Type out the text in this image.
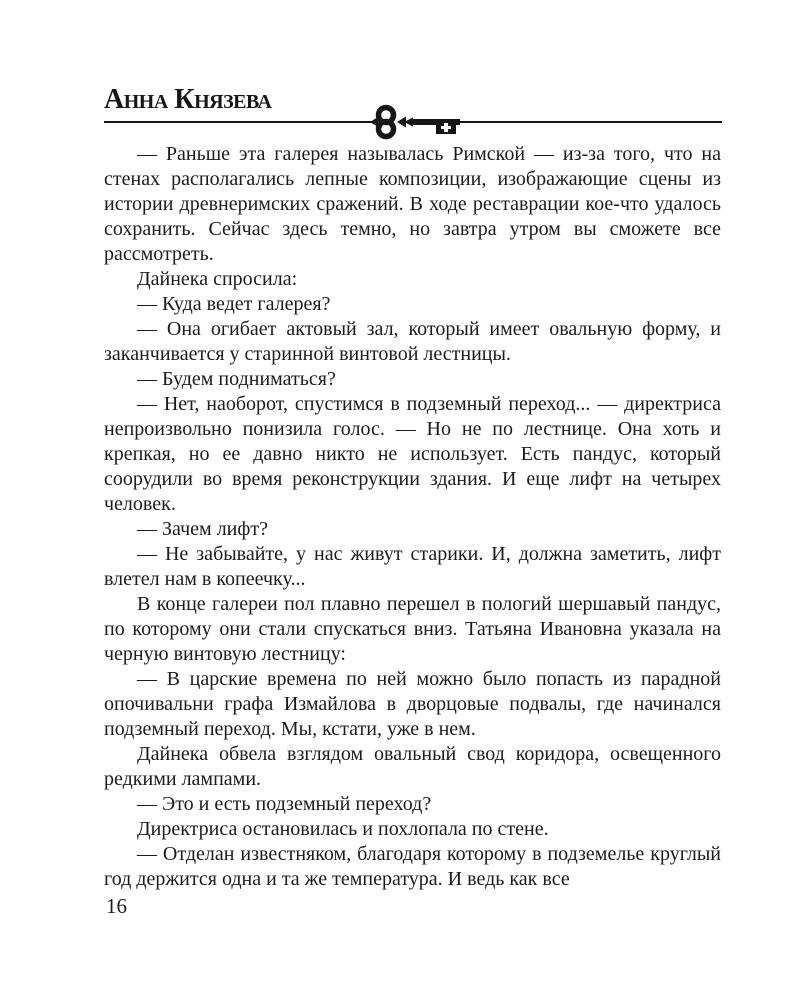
Анна Князева

— Раньше эта галерея называлась Римской — из-за того, что на стенах располагались лепные композиции, изображающие сцены из истории древнеримских сражений. В ходе реставрации кое-что удалось сохранить. Сейчас здесь темно, но завтра утром вы сможете все рассмотреть.

Дайнека спросила:

— Куда ведет галерея?

— Она огибает актовый зал, который имеет овальную форму, и заканчивается у старинной винтовой лестницы.

— Будем подниматься?

— Нет, наоборот, спустимся в подземный переход... — директриса непроизвольно понизила голос. — Но не по лестнице. Она хоть и крепкая, но ее давно никто не использует. Есть пандус, который соорудили во время реконструкции здания. И еще лифт на четырех человек.

— Зачем лифт?

— Не забывайте, у нас живут старики. И, должна заметить, лифт влетел нам в копеечку...

В конце галереи пол плавно перешел в пологий шершавый пандус, по которому они стали спускаться вниз. Татьяна Ивановна указала на черную винтовую лестницу:

— В царские времена по ней можно было попасть из парадной опочивальни графа Измайлова в дворцовые подвалы, где начинался подземный переход. Мы, кстати, уже в нем.

Дайнека обвела взглядом овальный свод коридора, освещенного редкими лампами.

— Это и есть подземный переход?

Директриса остановилась и похлопала по стене.

— Отделан известняком, благодаря которому в подземелье круглый год держится одна и та же температура. И ведь как все

16
